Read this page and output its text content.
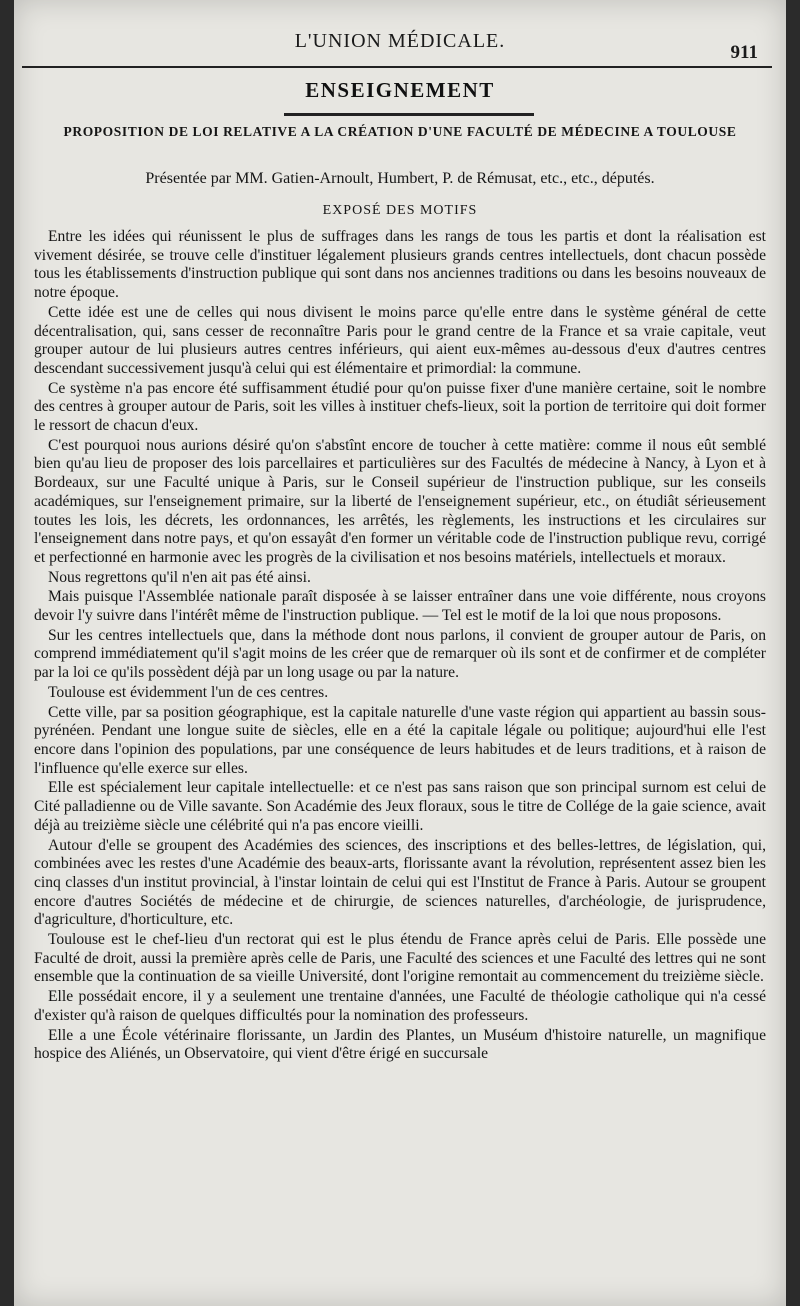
L'UNION MÉDICALE.
911
ENSEIGNEMENT
PROPOSITION DE LOI RELATIVE A LA CRÉATION D'UNE FACULTÉ DE MÉDECINE A TOULOUSE
Présentée par MM. Gatien-Arnoult, Humbert, P. de Rémusat, etc., etc., députés.
EXPOSÉ DES MOTIFS

Entre les idées qui réunissent le plus de suffrages dans les rangs de tous les partis et dont la réalisation est vivement désirée, se trouve celle d'instituer légalement plusieurs grands centres intellectuels, dont chacun possède tous les établissements d'instruction publique qui sont dans nos anciennes traditions ou dans les besoins nouveaux de notre époque.

Cette idée est une de celles qui nous divisent le moins parce qu'elle entre dans le système général de cette décentralisation, qui, sans cesser de reconnaître Paris pour le grand centre de la France et sa vraie capitale, veut grouper autour de lui plusieurs autres centres inférieurs, qui aient eux-mêmes au-dessous d'eux d'autres centres descendant successivement jusqu'à celui qui est élémentaire et primordial: la commune.

Ce système n'a pas encore été suffisamment étudié pour qu'on puisse fixer d'une manière certaine, soit le nombre des centres à grouper autour de Paris, soit les villes à instituer chefs-lieux, soit la portion de territoire qui doit former le ressort de chacun d'eux.

C'est pourquoi nous aurions désiré qu'on s'abstînt encore de toucher à cette matière: comme il nous eût semblé bien qu'au lieu de proposer des lois parcellaires et particulières sur des Facultés de médecine à Nancy, à Lyon et à Bordeaux, sur une Faculté unique à Paris, sur le Conseil supérieur de l'instruction publique, sur les conseils académiques, sur l'enseignement primaire, sur la liberté de l'enseignement supérieur, etc., on étudiât sérieusement toutes les lois, les décrets, les ordonnances, les arrêtés, les règlements, les instructions et les circulaires sur l'enseignement dans notre pays, et qu'on essayât d'en former un véritable code de l'instruction publique revu, corrigé et perfectionné en harmonie avec les progrès de la civilisation et nos besoins matériels, intellectuels et moraux.

Nous regrettons qu'il n'en ait pas été ainsi.

Mais puisque l'Assemblée nationale paraît disposée à se laisser entraîner dans une voie différente, nous croyons devoir l'y suivre dans l'intérêt même de l'instruction publique. — Tel est le motif de la loi que nous proposons.

Sur les centres intellectuels que, dans la méthode dont nous parlons, il convient de grouper autour de Paris, on comprend immédiatement qu'il s'agit moins de les créer que de remarquer où ils sont et de confirmer et de compléter par la loi ce qu'ils possèdent déjà par un long usage ou par la nature.

Toulouse est évidemment l'un de ces centres.

Cette ville, par sa position géographique, est la capitale naturelle d'une vaste région qui appartient au bassin sous-pyrénéen. Pendant une longue suite de siècles, elle en a été la capitale légale ou politique; aujourd'hui elle l'est encore dans l'opinion des populations, par une conséquence de leurs habitudes et de leurs traditions, et à raison de l'influence qu'elle exerce sur elles.

Elle est spécialement leur capitale intellectuelle: et ce n'est pas sans raison que son principal surnom est celui de Cité palladienne ou de Ville savante. Son Académie des Jeux floraux, sous le titre de Collége de la gaie science, avait déjà au treizième siècle une célébrité qui n'a pas encore vieilli.

Autour d'elle se groupent des Académies des sciences, des inscriptions et des belles-lettres, de législation, qui, combinées avec les restes d'une Académie des beaux-arts, florissante avant la révolution, représentent assez bien les cinq classes d'un institut provincial, à l'instar lointain de celui qui est l'Institut de France à Paris. Autour se groupent encore d'autres Sociétés de médecine et de chirurgie, de sciences naturelles, d'archéologie, de jurisprudence, d'agriculture, d'horticulture, etc.

Toulouse est le chef-lieu d'un rectorat qui est le plus étendu de France après celui de Paris. Elle possède une Faculté de droit, aussi la première après celle de Paris, une Faculté des sciences et une Faculté des lettres qui ne sont ensemble que la continuation de sa vieille Université, dont l'origine remontait au commencement du treizième siècle.

Elle possédait encore, il y a seulement une trentaine d'années, une Faculté de théologie catholique qui n'a cessé d'exister qu'à raison de quelques difficultés pour la nomination des professeurs.

Elle a une École vétérinaire florissante, un Jardin des Plantes, un Muséum d'histoire naturelle, un magnifique hospice des Aliénés, un Observatoire, qui vient d'être érigé en succursale
